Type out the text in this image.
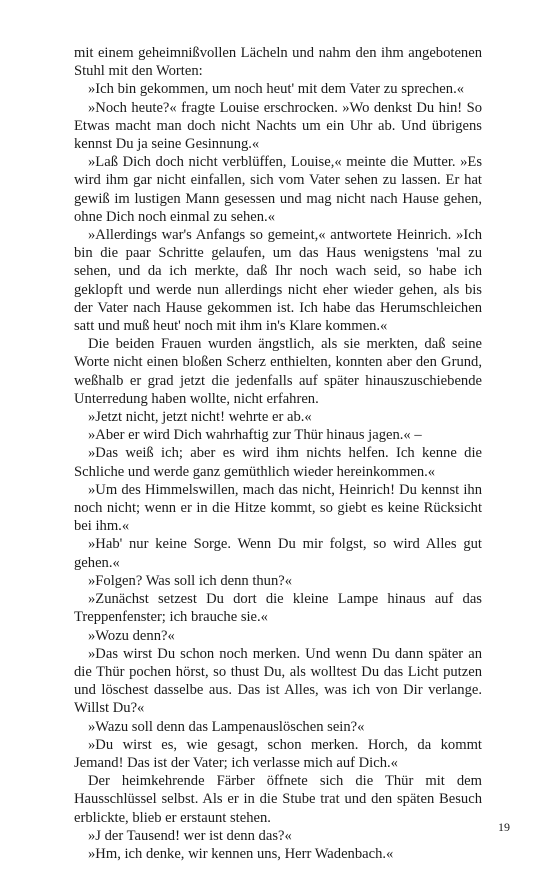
mit einem geheimnißvollen Lächeln und nahm den ihm angebotenen Stuhl mit den Worten:

»Ich bin gekommen, um noch heut' mit dem Vater zu sprechen.«

»Noch heute?« fragte Louise erschrocken. »Wo denkst Du hin! So Etwas macht man doch nicht Nachts um ein Uhr ab. Und übrigens kennst Du ja seine Gesinnung.«

»Laß Dich doch nicht verblüffen, Louise,« meinte die Mutter. »Es wird ihm gar nicht einfallen, sich vom Vater sehen zu lassen. Er hat gewiß im lustigen Mann gesessen und mag nicht nach Hause gehen, ohne Dich noch einmal zu sehen.«

»Allerdings war's Anfangs so gemeint,« antwortete Heinrich. »Ich bin die paar Schritte gelaufen, um das Haus wenigstens 'mal zu sehen, und da ich merkte, daß Ihr noch wach seid, so habe ich geklopft und werde nun allerdings nicht eher wieder gehen, als bis der Vater nach Hause gekommen ist. Ich habe das Herumschleichen satt und muß heut' noch mit ihm in's Klare kommen.«

Die beiden Frauen wurden ängstlich, als sie merkten, daß seine Worte nicht einen bloßen Scherz enthielten, konnten aber den Grund, weßhalb er grad jetzt die jedenfalls auf später hinauszuschiebende Unterredung haben wollte, nicht erfahren.

»Jetzt nicht, jetzt nicht! wehrte er ab.«

»Aber er wird Dich wahrhaftig zur Thür hinaus jagen.« –

»Das weiß ich; aber es wird ihm nichts helfen. Ich kenne die Schliche und werde ganz gemüthlich wieder hereinkommen.«

»Um des Himmelswillen, mach das nicht, Heinrich! Du kennst ihn noch nicht; wenn er in die Hitze kommt, so giebt es keine Rücksicht bei ihm.«

»Hab' nur keine Sorge. Wenn Du mir folgst, so wird Alles gut gehen.«

»Folgen? Was soll ich denn thun?«

»Zunächst setzest Du dort die kleine Lampe hinaus auf das Treppenfenster; ich brauche sie.«

»Wozu denn?«

»Das wirst Du schon noch merken. Und wenn Du dann später an die Thür pochen hörst, so thust Du, als wolltest Du das Licht putzen und löschest dasselbe aus. Das ist Alles, was ich von Dir verlange. Willst Du?«

»Wazu soll denn das Lampenauslöschen sein?«

»Du wirst es, wie gesagt, schon merken. Horch, da kommt Jemand! Das ist der Vater; ich verlasse mich auf Dich.«

Der heimkehrende Färber öffnete sich die Thür mit dem Hausschlüssel selbst. Als er in die Stube trat und den späten Besuch erblickte, blieb er erstaunt stehen.

»J der Tausend! wer ist denn das?«

»Hm, ich denke, wir kennen uns, Herr Wadenbach.«

19
